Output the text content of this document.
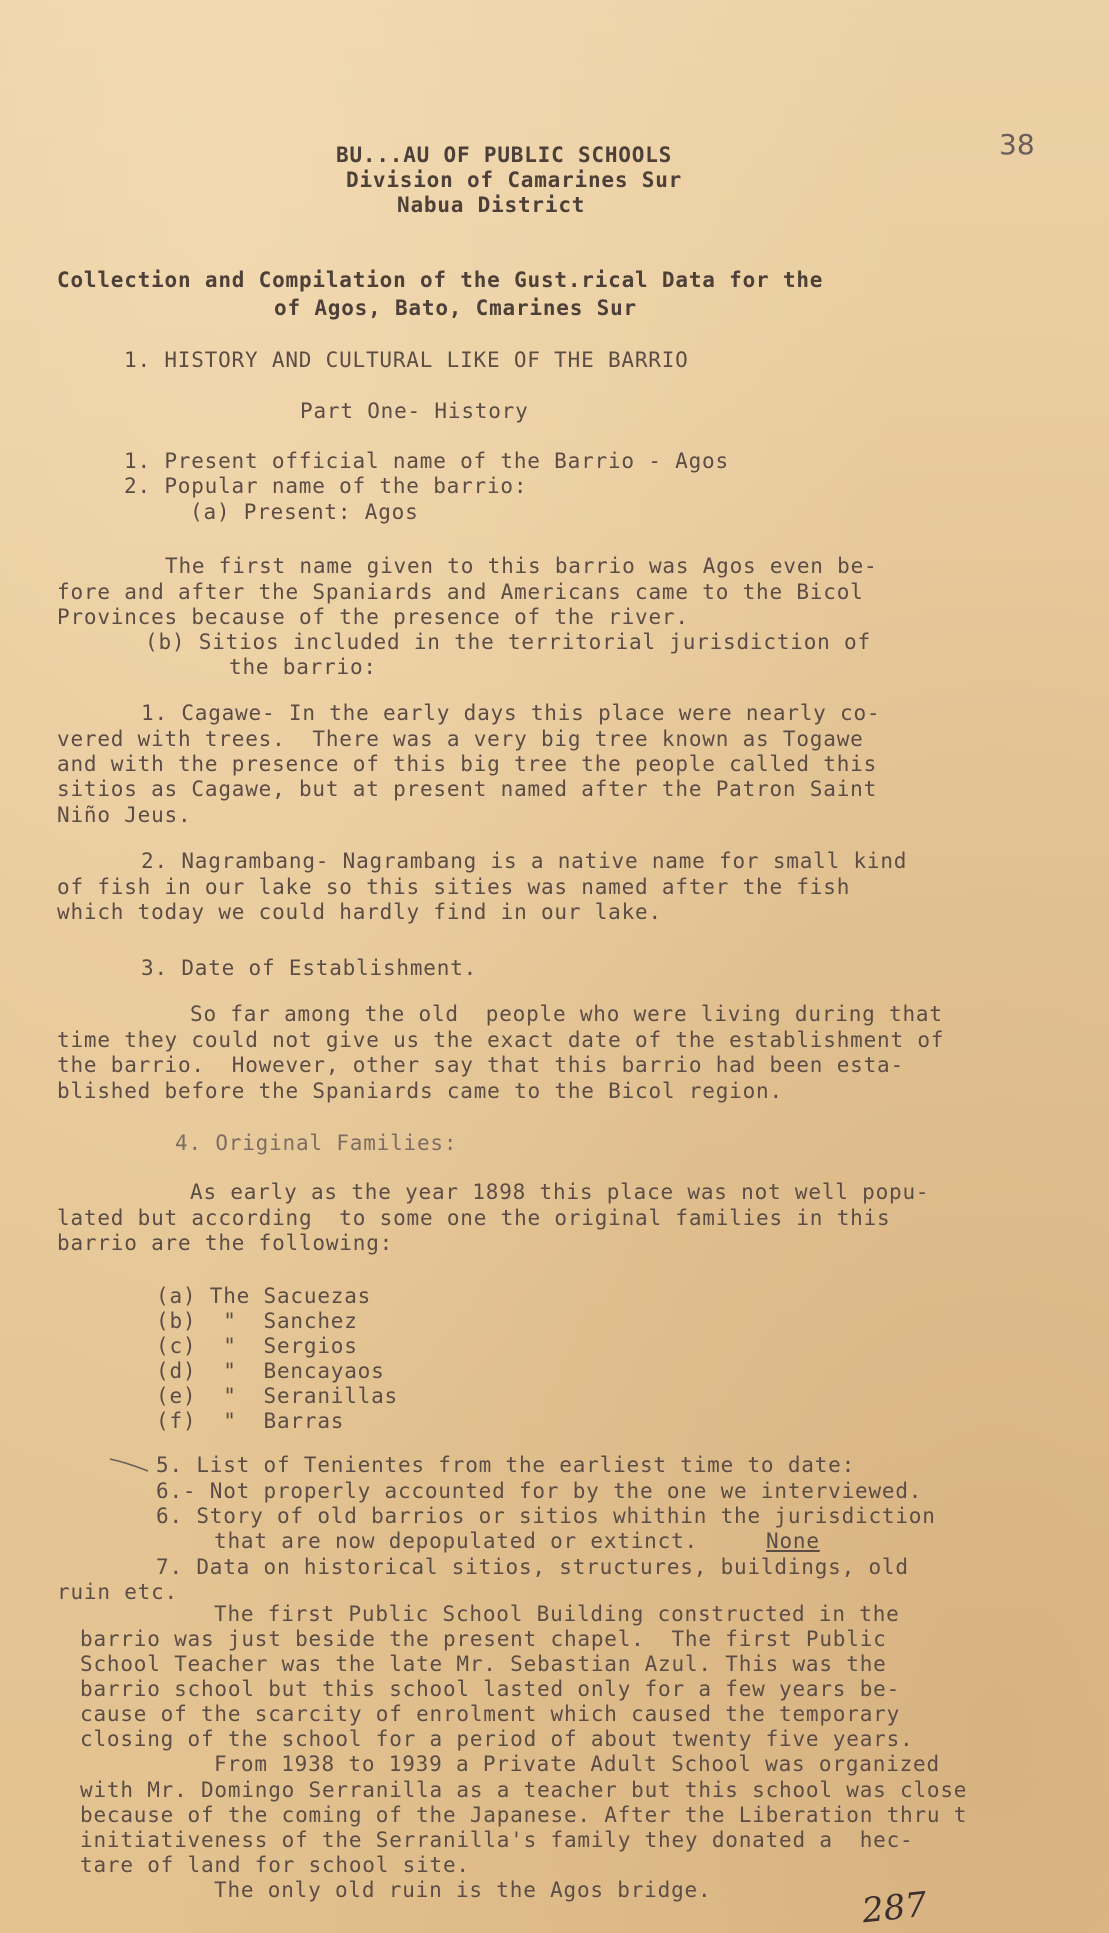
38
BU...AU OF PUBLIC SCHOOLS
Division of Camarines Sur
Nabua District
Collection and Compilation of the Gust.rical Data for the
of Agos, Bato, Cmarines Sur
1. HISTORY AND CULTURAL LIKE OF THE BARRIO
Part One- History
1. Present official name of the Barrio - Agos
2. Popular name of the barrio:
(a) Present: Agos
The first name given to this barrio was Agos even be-
fore and after the Spaniards and Americans came to the Bicol
Provinces because of the presence of the river.
(b) Sitios included in the territorial jurisdiction of
the barrio:
1. Cagawe- In the early days this place were nearly co-
vered with trees.  There was a very big tree known as Togawe
and with the presence of this big tree the people called this
sitios as Cagawe, but at present named after the Patron Saint
Niño Jeus.
2. Nagrambang- Nagrambang is a native name for small kind
of fish in our lake so this sities was named after the fish
which today we could hardly find in our lake.
3. Date of Establishment.
So far among the old  people who were living during that
time they could not give us the exact date of the establishment of
the barrio.  However, other say that this barrio had been esta-
blished before the Spaniards came to the Bicol region.
4. Original Families:
As early as the year 1898 this place was not well popu-
lated but according  to some one the original families in this
barrio are the following:
(a) The Sacuezas
(b)  "  Sanchez
(c)  "  Sergios
(d)  "  Bencayaos
(e)  "  Seranillas
(f)  "  Barras
5. List of Tenientes from the earliest time to date:
6.- Not properly accounted for by the one we interviewed.
6. Story of old barrios or sitios whithin the jurisdiction
that are now depopulated or extinct.	None
7. Data on historical sitios, structures, buildings, old
ruin etc.
The first Public School Building constructed in the
barrio was just beside the present chapel.  The first Public
School Teacher was the late Mr. Sebastian Azul. This was the
barrio school but this school lasted only for a few years be-
cause of the scarcity of enrolment which caused the temporary
closing of the school for a period of about twenty five years.
From 1938 to 1939 a Private Adult School was organized
with Mr. Domingo Serranilla as a teacher but this school was close
because of the coming of the Japanese. After the Liberation thru t
initiativeness of the Serranilla's family they donated a  hec-
tare of land for school site.
The only old ruin is the Agos bridge.	287
